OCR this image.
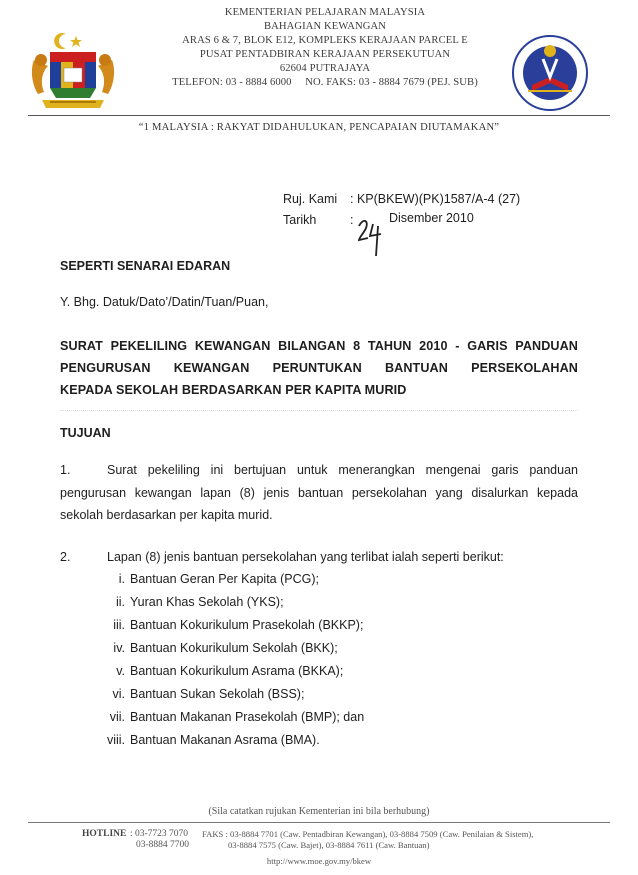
KEMENTERIAN PELAJARAN MALAYSIA
BAHAGIAN KEWANGAN
ARAS 6 & 7, BLOK E12, KOMPLEKS KERAJAAN PARCEL E
PUSAT PENTADBIRAN KERAJAAN PERSEKUTUAN
62604 PUTRAJAYA
TELEFON: 03 - 8884 6000     NO. FAKS: 03 - 8884 7679 (PEJ. SUB)
“1 MALAYSIA : RAKYAT DIDAHULUKAN, PENCAPAIAN DIUTAMAKAN”
Ruj. Kami : KP(BKEW)(PK)1587/A-4 (27)
Tarikh	:	Disember 2010
SEPERTI SENARAI EDARAN
Y. Bhg. Datuk/Dato’/Datin/Tuan/Puan,
SURAT PEKELILING KEWANGAN BILANGAN 8 TAHUN 2010 - GARIS PANDUAN
PENGURUSAN KEWANGAN PERUNTUKAN BANTUAN PERSEKOLAHAN
KEPADA SEKOLAH BERDASARKAN PER KAPITA MURID
TUJUAN
1.	Surat pekeliling ini bertujuan untuk menerangkan mengenai garis panduan
pengurusan kewangan lapan (8) jenis bantuan persekolahan yang disalurkan kepada
sekolah berdasarkan per kapita murid.
2.	Lapan (8) jenis bantuan persekolahan yang terlibat ialah seperti berikut:
i. Bantuan Geran Per Kapita (PCG);
ii. Yuran Khas Sekolah (YKS);
iii. Bantuan Kokurikulum Prasekolah (BKKP);
iv. Bantuan Kokurikulum Sekolah (BKK);
v. Bantuan Kokurikulum Asrama (BKKA);
vi. Bantuan Sukan Sekolah (BSS);
vii. Bantuan Makanan Prasekolah (BMP); dan
viii. Bantuan Makanan Asrama (BMA).
(Sila catatkan rujukan Kementerian ini bila berhubung)
HOTLINE : 03-7723 7070
03-8884 7700
FAKS : 03-8884 7701 (Caw. Pentadbiran Kewangan), 03-8884 7509 (Caw. Penilaian & Sistem),
03-8884 7575 (Caw. Bajet), 03-8884 7611 (Caw. Bantuan)
http://www.moe.gov.my/bkew
